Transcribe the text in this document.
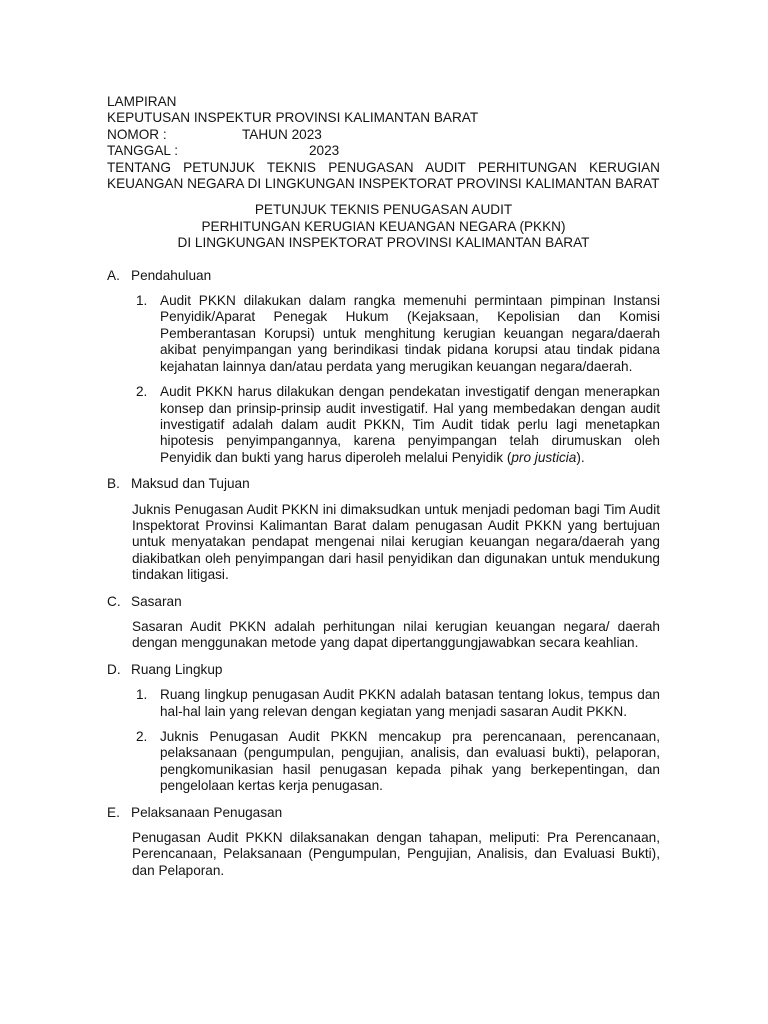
LAMPIRAN
KEPUTUSAN INSPEKTUR PROVINSI KALIMANTAN BARAT
NOMOR :	TAHUN 2023
TANGGAL :	2023
TENTANG PETUNJUK TEKNIS PENUGASAN AUDIT PERHITUNGAN KERUGIAN KEUANGAN NEGARA DI LINGKUNGAN INSPEKTORAT PROVINSI KALIMANTAN BARAT
PETUNJUK TEKNIS PENUGASAN AUDIT
PERHITUNGAN KERUGIAN KEUANGAN NEGARA (PKKN)
DI LINGKUNGAN INSPEKTORAT PROVINSI KALIMANTAN BARAT
A. Pendahuluan
1. Audit PKKN dilakukan dalam rangka memenuhi permintaan pimpinan Instansi Penyidik/Aparat Penegak Hukum (Kejaksaan, Kepolisian dan Komisi Pemberantasan Korupsi) untuk menghitung kerugian keuangan negara/daerah akibat penyimpangan yang berindikasi tindak pidana korupsi atau tindak pidana kejahatan lainnya dan/atau perdata yang merugikan keuangan negara/daerah.
2. Audit PKKN harus dilakukan dengan pendekatan investigatif dengan menerapkan konsep dan prinsip-prinsip audit investigatif. Hal yang membedakan dengan audit investigatif adalah dalam audit PKKN, Tim Audit tidak perlu lagi menetapkan hipotesis penyimpangannya, karena penyimpangan telah dirumuskan oleh Penyidik dan bukti yang harus diperoleh melalui Penyidik (pro justicia).
B. Maksud dan Tujuan
Juknis Penugasan Audit PKKN ini dimaksudkan untuk menjadi pedoman bagi Tim Audit Inspektorat Provinsi Kalimantan Barat dalam penugasan Audit PKKN yang bertujuan untuk menyatakan pendapat mengenai nilai kerugian keuangan negara/daerah yang diakibatkan oleh penyimpangan dari hasil penyidikan dan digunakan untuk mendukung tindakan litigasi.
C. Sasaran
Sasaran Audit PKKN adalah perhitungan nilai kerugian keuangan negara/ daerah dengan menggunakan metode yang dapat dipertanggungjawabkan secara keahlian.
D. Ruang Lingkup
1. Ruang lingkup penugasan Audit PKKN adalah batasan tentang lokus, tempus dan hal-hal lain yang relevan dengan kegiatan yang menjadi sasaran Audit PKKN.
2. Juknis Penugasan Audit PKKN mencakup pra perencanaan, perencanaan, pelaksanaan (pengumpulan, pengujian, analisis, dan evaluasi bukti), pelaporan, pengkomunikasian hasil penugasan kepada pihak yang berkepentingan, dan pengelolaan kertas kerja penugasan.
E. Pelaksanaan Penugasan
Penugasan Audit PKKN dilaksanakan dengan tahapan, meliputi: Pra Perencanaan, Perencanaan, Pelaksanaan (Pengumpulan, Pengujian, Analisis, dan Evaluasi Bukti), dan Pelaporan.
